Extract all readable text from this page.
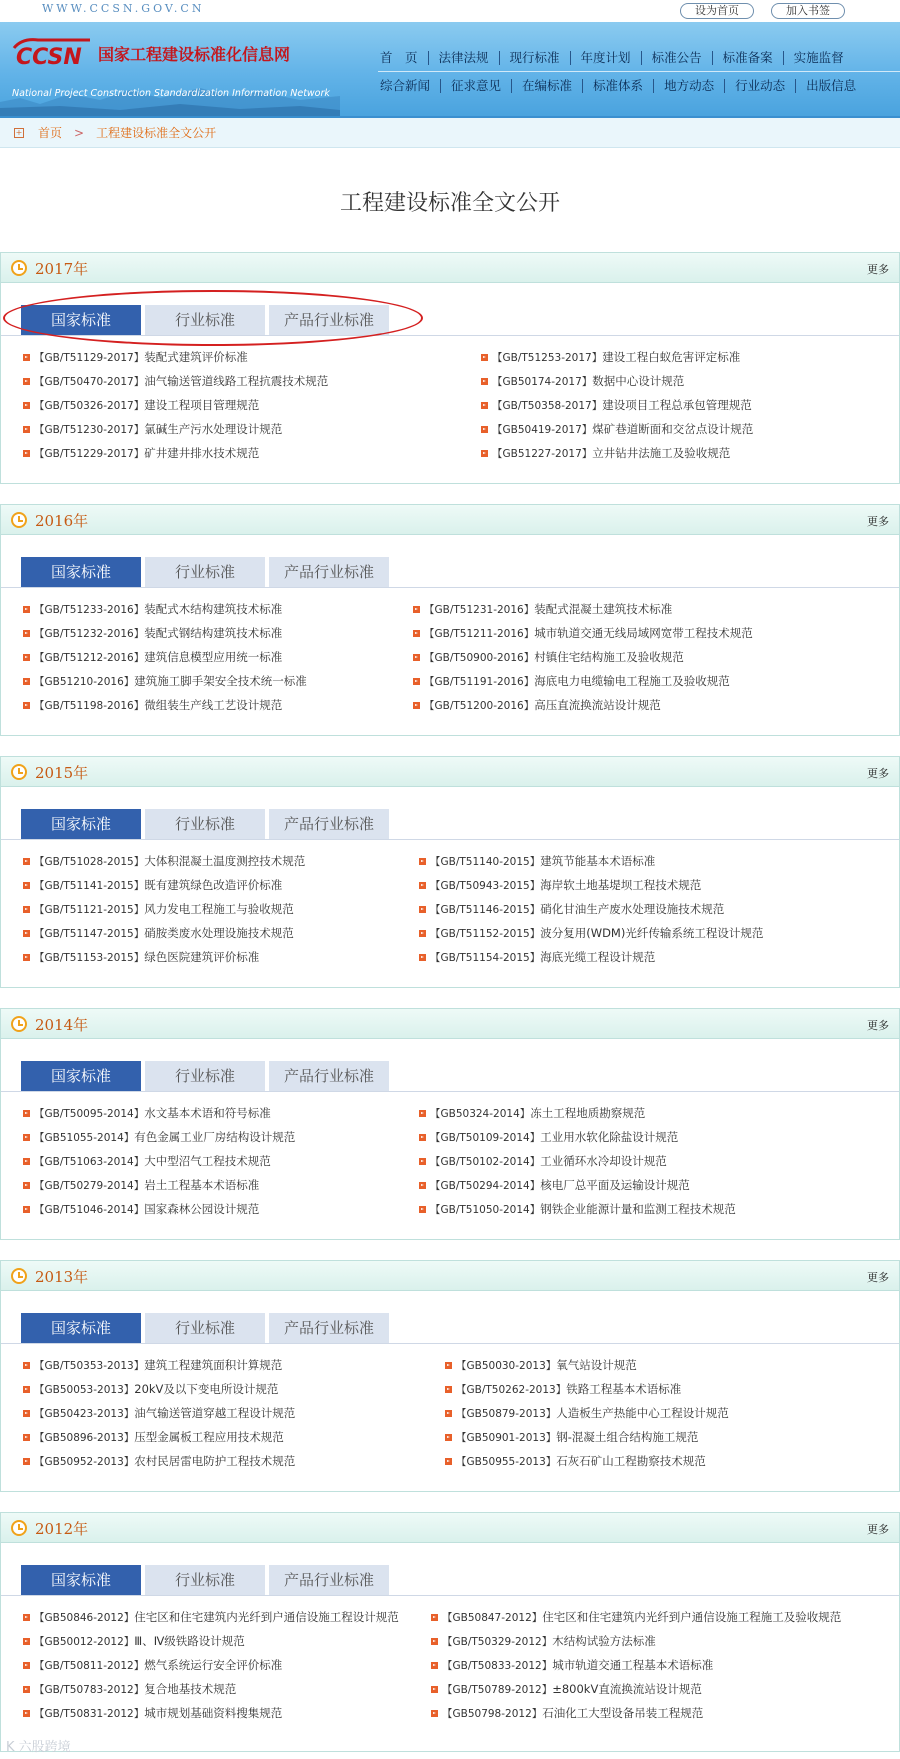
WWW.CCSN.GOV.CN	设为首页	加入书签
CCSN 国家工程建设标准化信息网
National Project Construction Standardization Information Network
首　页	法律法规	现行标准	年度计划	标准公告	标准备案	实施监督
综合新闻	征求意见	在编标准	标准体系	地方动态	行业动态	出版信息
+ 首页 > 工程建设标准全文公开
工程建设标准全文公开
2017年	更多
国家标准	行业标准	产品行业标准
【GB/T51129-2017】 装配式建筑评价标准
【GB/T50470-2017】 油气输送管道线路工程抗震技术规范
【GB/T50326-2017】 建设工程项目管理规范
【GB/T51230-2017】 氯碱生产污水处理设计规范
【GB/T51229-2017】 矿井建井排水技术规范
【GB/T51253-2017】 建设工程白蚁危害评定标准
【GB50174-2017】 数据中心设计规范
【GB/T50358-2017】 建设项目工程总承包管理规范
【GB50419-2017】 煤矿巷道断面和交岔点设计规范
【GB51227-2017】 立井钻井法施工及验收规范
2016年	更多
国家标准	行业标准	产品行业标准
【GB/T51233-2016】 装配式木结构建筑技术标准
【GB/T51232-2016】 装配式钢结构建筑技术标准
【GB/T51212-2016】 建筑信息模型应用统一标准
【GB51210-2016】 建筑施工脚手架安全技术统一标准
【GB/T51198-2016】 微组装生产线工艺设计规范
【GB/T51231-2016】 装配式混凝土建筑技术标准
【GB/T51211-2016】 城市轨道交通无线局域网宽带工程技术规范
【GB/T50900-2016】 村镇住宅结构施工及验收规范
【GB/T51191-2016】 海底电力电缆输电工程施工及验收规范
【GB/T51200-2016】 高压直流换流站设计规范
2015年	更多
国家标准	行业标准	产品行业标准
【GB/T51028-2015】 大体积混凝土温度测控技术规范
【GB/T51141-2015】 既有建筑绿色改造评价标准
【GB/T51121-2015】 风力发电工程施工与验收规范
【GB/T51147-2015】 硝胺类废水处理设施技术规范
【GB/T51153-2015】 绿色医院建筑评价标准
【GB/T51140-2015】 建筑节能基本术语标准
【GB/T50943-2015】 海岸软土地基堤坝工程技术规范
【GB/T51146-2015】 硝化甘油生产废水处理设施技术规范
【GB/T51152-2015】 波分复用(WDM)光纤传输系统工程设计规范
【GB/T51154-2015】 海底光缆工程设计规范
2014年	更多
国家标准	行业标准	产品行业标准
【GB/T50095-2014】 水文基本术语和符号标准
【GB51055-2014】 有色金属工业厂房结构设计规范
【GB/T51063-2014】 大中型沼气工程技术规范
【GB/T50279-2014】 岩土工程基本术语标准
【GB/T51046-2014】 国家森林公园设计规范
【GB50324-2014】 冻土工程地质勘察规范
【GB/T50109-2014】 工业用水软化除盐设计规范
【GB/T50102-2014】 工业循环水冷却设计规范
【GB/T50294-2014】 核电厂总平面及运输设计规范
【GB/T51050-2014】 钢铁企业能源计量和监测工程技术规范
2013年	更多
国家标准	行业标准	产品行业标准
【GB/T50353-2013】 建筑工程建筑面积计算规范
【GB50053-2013】 20kV及以下变电所设计规范
【GB50423-2013】 油气输送管道穿越工程设计规范
【GB50896-2013】 压型金属板工程应用技术规范
【GB50952-2013】 农村民居雷电防护工程技术规范
【GB50030-2013】 氧气站设计规范
【GB/T50262-2013】 铁路工程基本术语标准
【GB50879-2013】 人造板生产热能中心工程设计规范
【GB50901-2013】 钢-混凝土组合结构施工规范
【GB50955-2013】 石灰石矿山工程勘察技术规范
2012年	更多
国家标准	行业标准	产品行业标准
【GB50846-2012】 住宅区和住宅建筑内光纤到户通信设施工程设计规范
【GB50012-2012】 Ⅲ、Ⅳ级铁路设计规范
【GB/T50811-2012】 燃气系统运行安全评价标准
【GB/T50783-2012】 复合地基技术规范
【GB/T50831-2012】 城市规划基础资料搜集规范
【GB50847-2012】 住宅区和住宅建筑内光纤到户通信设施工程施工及验收规范
【GB/T50329-2012】 木结构试验方法标准
【GB/T50833-2012】 城市轨道交通工程基本术语标准
【GB/T50789-2012】 ±800kV直流换流站设计规范
【GB50798-2012】 石油化工大型设备吊装工程规范
K 六股跨境
